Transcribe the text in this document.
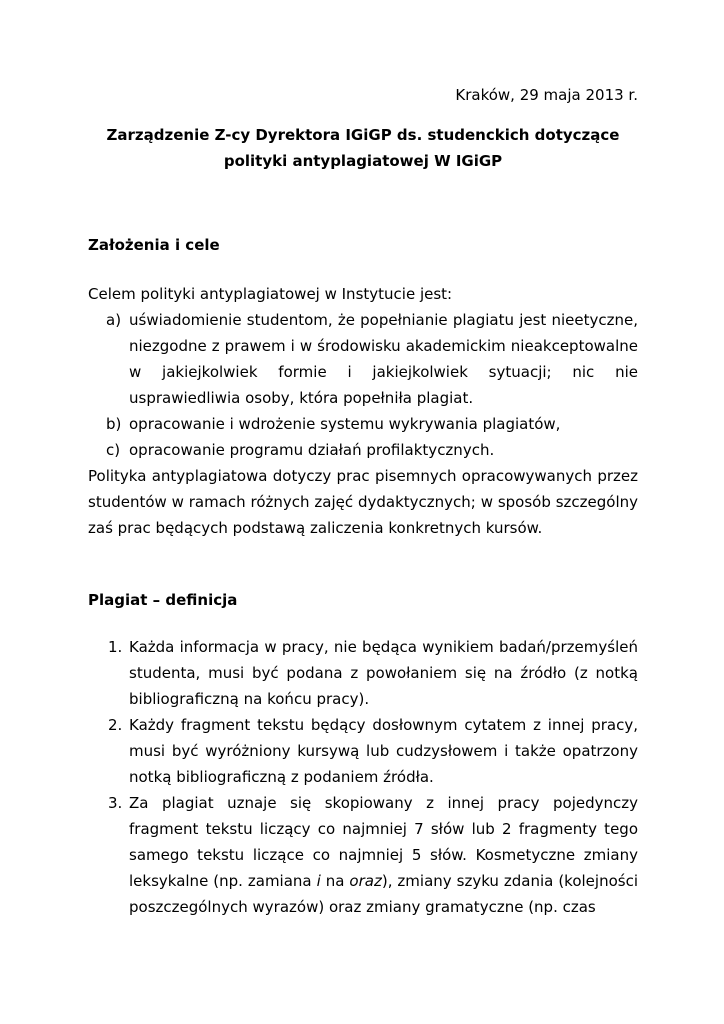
Kraków, 29 maja 2013 r.
Zarządzenie Z-cy Dyrektora IGiGP ds. studenckich dotyczące
polityki antyplagiatowej W IGiGP
Założenia i cele
Celem polityki antyplagiatowej w Instytucie jest:
a) uświadomienie studentom, że popełnianie plagiatu jest nieetyczne, niezgodne z prawem i w środowisku akademickim nieakceptowalne w jakiejkolwiek formie i jakiejkolwiek sytuacji; nic nie usprawiedliwia osoby, która popełniła plagiat.
b) opracowanie i wdrożenie systemu wykrywania plagiatów,
c) opracowanie programu działań profilaktycznych.
Polityka antyplagiatowa dotyczy prac pisemnych opracowywanych przez studentów w ramach różnych zajęć dydaktycznych; w sposób szczególny zaś prac będących podstawą zaliczenia konkretnych kursów.
Plagiat – definicja
1. Każda informacja w pracy, nie będąca wynikiem badań/przemyśleń studenta, musi być podana z powołaniem się na źródło (z notką bibliograficzną na końcu pracy).
2. Każdy fragment tekstu będący dosłownym cytatem z innej pracy, musi być wyróżniony kursywą lub cudzysłowem i także opatrzony notką bibliograficzną z podaniem źródła.
3. Za plagiat uznaje się skopiowany z innej pracy pojedynczy fragment tekstu liczący co najmniej 7 słów lub 2 fragmenty tego samego tekstu liczące co najmniej 5 słów. Kosmetyczne zmiany leksykalne (np. zamiana i na oraz), zmiany szyku zdania (kolejności poszczególnych wyrazów) oraz zmiany gramatyczne (np. czas
